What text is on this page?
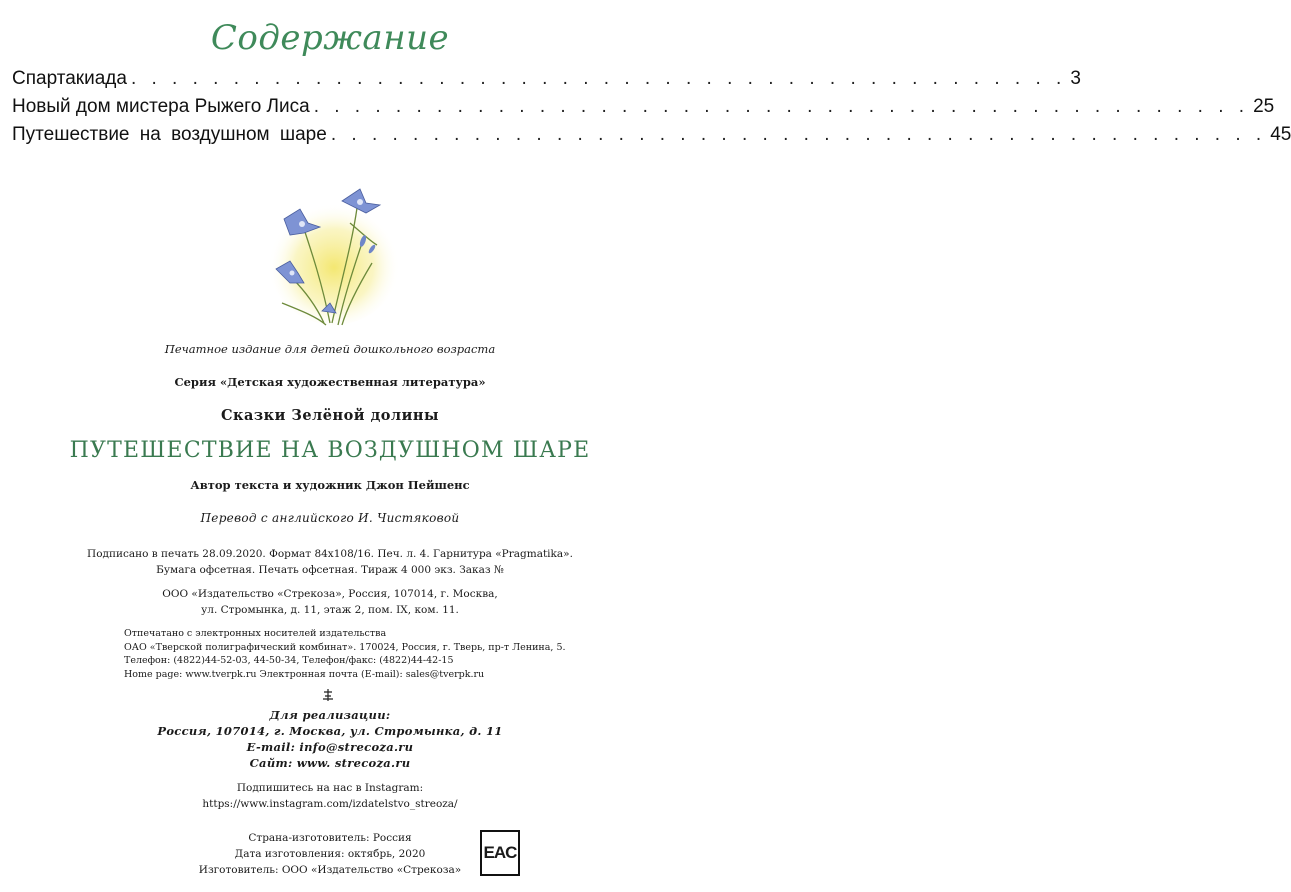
Содержание
Спартакиада . . . . . . . . . . . . . . . . . . . . . . . . . . . . . . . . . . . . . . . . . . . . . . 3
Новый дом мистера Рыжего Лиса . . . . . . . . . . . . . . . . . . . . . . . . . . . . . . . . . . . . . . . . . . . . . . 25
Путешествие на воздушном шаре . . . . . . . . . . . . . . . . . . . . . . . . . . . . . . . . . . . . . . . . . . . . . . 45
Печатное издание для детей дошкольного возраста
Серия «Детская художественная литература»
Сказки Зелёной долины
ПУТЕШЕСТВИЕ НА ВОЗДУШНОМ ШАРЕ
Автор текста и художник Джон Пейшенс
Перевод с английского И. Чистяковой
Подписано в печать 28.09.2020. Формат 84х108/16. Печ. л. 4. Гарнитура «Pragmatika».
Бумага офсетная. Печать офсетная. Тираж 4 000 экз. Заказ №
ООО «Издательство «Стрекоза», Россия, 107014, г. Москва,
ул. Стромынка, д. 11, этаж 2, пом. IX, ком. 11.
Отпечатано с электронных носителей издательства
ОАО «Тверской полиграфический комбинат». 170024, Россия, г. Тверь, пр-т Ленина, 5.
Телефон: (4822)44-52-03, 44-50-34, Телефон/факс: (4822)44-42-15
Home page: www.tverpk.ru Электронная почта (E-mail): sales@tverpk.ru
Для реализации:
Россия, 107014, г. Москва, ул. Стромынка, д. 11
E-mail: info@strecoza.ru
Сайт: www. strecoza.ru
Подпишитесь на нас в Instagram:
https://www.instagram.com/izdatelstvo_streoza/
Страна-изготовитель: Россия
Дата изготовления: октябрь, 2020
Изготовитель: ООО «Издательство «Стрекоза»
EAC
